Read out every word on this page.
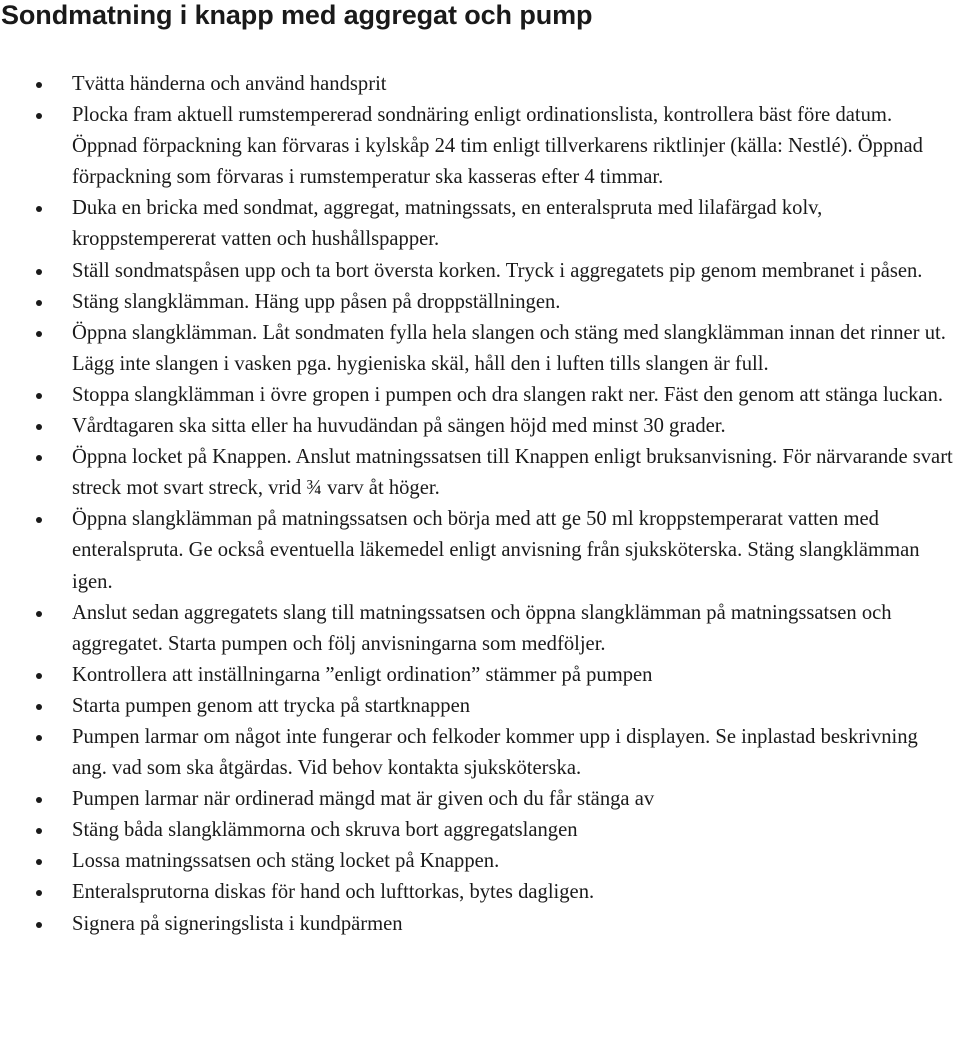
Sondmatning i knapp med aggregat och pump
Tvätta händerna och använd handsprit
Plocka fram aktuell rumstempererad sondnäring enligt ordinationslista, kontrollera bäst före datum. Öppnad förpackning kan förvaras i kylskåp 24 tim enligt tillverkarens riktlinjer (källa: Nestlé). Öppnad förpackning som förvaras i rumstemperatur ska kasseras efter 4 timmar.
Duka en bricka med sondmat, aggregat, matningssats, en enteralspruta med lilafärgad kolv, kroppstempererat vatten och hushållspapper.
Ställ sondmatspåsen upp och ta bort översta korken. Tryck i aggregatets pip genom membranet i påsen.
Stäng slangklämman. Häng upp påsen på droppställningen.
Öppna slangklämman. Låt sondmaten fylla hela slangen och stäng med slangklämman innan det rinner ut. Lägg inte slangen i vasken pga. hygieniska skäl, håll den i luften tills slangen är full.
Stoppa slangklämman i övre gropen i pumpen och dra slangen rakt ner. Fäst den genom att stänga luckan.
Vårdtagaren ska sitta eller ha huvudändan på sängen höjd med minst 30 grader.
Öppna locket på Knappen. Anslut matningssatsen till Knappen enligt bruksanvisning. För närvarande svart streck mot svart streck, vrid ¾ varv åt höger.
Öppna slangklämman på matningssatsen och börja med att ge 50 ml kroppstemperarat vatten med enteralspruta. Ge också eventuella läkemedel enligt anvisning från sjuksköterska. Stäng slangklämman igen.
Anslut sedan aggregatets slang till matningssatsen och öppna slangklämman på matningssatsen och aggregatet. Starta pumpen och följ anvisningarna som medföljer.
Kontrollera att inställningarna ”enligt ordination” stämmer på pumpen
Starta pumpen genom att trycka på startknappen
Pumpen larmar om något inte fungerar och felkoder kommer upp i displayen. Se inplastad beskrivning ang. vad som ska åtgärdas. Vid behov kontakta sjuksköterska.
Pumpen larmar när ordinerad mängd mat är given och du får stänga av
Stäng båda slangklämmorna och skruva bort aggregatslangen
Lossa matningssatsen och stäng locket på Knappen.
Enteralsprutorna diskas för hand och lufttorkas, bytes dagligen.
Signera på signeringslista i kundpärmen
